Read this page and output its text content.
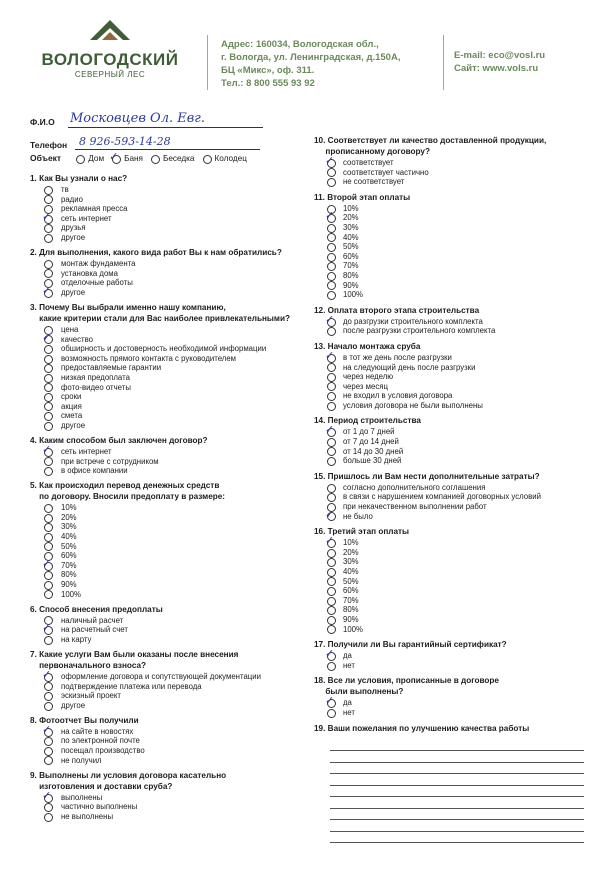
ВОЛОГОДСКИЙ
СЕВЕРНЫЙ ЛЕС
Адрес: 160034, Вологодская обл.,
г. Вологда, ул. Ленинградская, д.150А,
БЦ «Микс», оф. 311.
Тел.: 8 800 555 93 92
E-mail: eco@vosl.ru
Сайт: www.vols.ru
Ф.И.О Московцев Ол. Евг.
Телефон 8 926-593-14-28
Объект	Дом ✓ Баня Беседка Колодец
1. Как Вы узнали о нас?
тв
радио
рекламная пресса
✓ сеть интернет
друзья
другое
2. Для выполнения, какого вида работ Вы к нам обратились?
монтаж фундамента
установка дома
отделочные работы
✓ другое
3. Почему Вы выбрали именно нашу компанию,
какие критерии стали для Вас наиболее привлекательными?
цена
✓ качество
обширность и достоверность необходимой информации
возможность прямого контакта с руководителем
предоставляемые гарантии
низкая предоплата
фото-видео отчеты
сроки
акция
смета
другое
4. Каким способом был заключен договор?
✓ сеть интернет
при встрече с сотрудником
в офисе компании
5. Как происходил перевод денежных средств
по договору. Вносили предоплату в размере:
10%
20%
30%
40%
50%
60%
✓ 70%
80%
90%
100%
6. Способ внесения предоплаты
наличный расчет
✓ на расчетный счет
на карту
7. Какие услуги Вам были оказаны после внесения
первоначального взноса?
✓ оформление договора и сопутствующей документации
подтверждение платежа или перевода
эскизный проект
другое
8. Фотоотчет Вы получили
✓ на сайте в новостях
по электронной почте
посещал производство
не получил
9. Выполнены ли условия договора касательно
изготовления и доставки сруба?
✓ выполнены
частично выполнены
не выполнены
10. Соответствует ли качество доставленной продукции,
прописанному договору?
✓ соответствует
соответствует частично
не соответствует
11. Второй этап оплаты
10%
✓ 20%
30%
40%
50%
60%
70%
80%
90%
100%
12. Оплата второго этапа строительства
✓ до разгрузки строительного комплекта
после разгрузки строительного комплекта
13. Начало монтажа сруба
✓ в тот же день после разгрузки
на следующий день после разгрузки
через неделю
через месяц
не входил в условия договора
условия договора не были выполнены
14. Период строительства
✓ от 1 до 7 дней
от 7 до 14 дней
от 14 до 30 дней
больше 30 дней
15. Пришлось ли Вам нести дополнительные затраты?
согласно дополнительного соглашения
в связи с нарушением компанией договорных условий
при некачественном выполнении работ
✓ не было
16. Третий этап оплаты
✓ 10%
20%
30%
40%
50%
60%
70%
80%
90%
100%
17. Получили ли Вы гарантийный сертификат?
✓ да
нет
18. Все ли условия, прописанные в договоре
были выполнены?
✓ да
нет
19. Ваши пожелания по улучшению качества работы
